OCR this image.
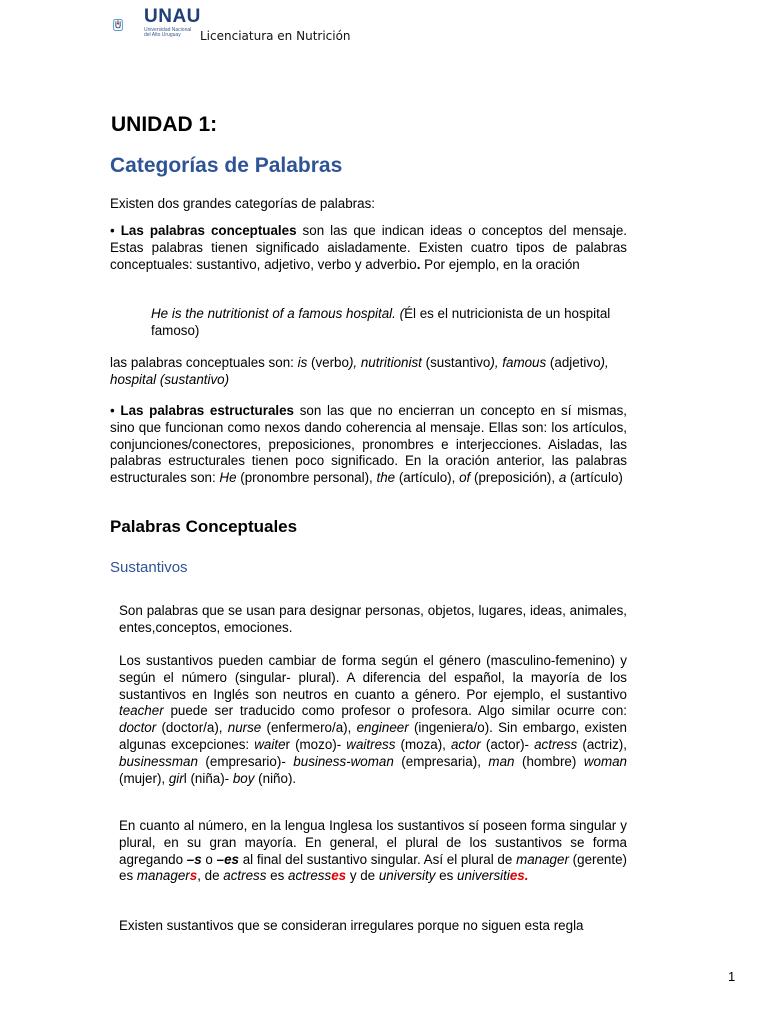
UNAU
Universidad Nacional del Alto Uruguay	Licenciatura en Nutrición
UNIDAD 1:
Categorías de Palabras
Existen dos grandes categorías de palabras:
• Las palabras conceptuales son las que indican ideas o conceptos del mensaje. Estas palabras tienen significado aisladamente. Existen cuatro tipos de palabras conceptuales: sustantivo, adjetivo, verbo y adverbio. Por ejemplo, en la oración
He is the nutritionist of a famous hospital. (Él es el nutricionista de un hospital famoso)
las palabras conceptuales son: is (verbo), nutritionist (sustantivo), famous (adjetivo), hospital (sustantivo)
• Las palabras estructurales son las que no encierran un concepto en sí mismas, sino que funcionan como nexos dando coherencia al mensaje. Ellas son: los artículos, conjunciones/conectores, preposiciones, pronombres e interjecciones. Aisladas, las palabras estructurales tienen poco significado. En la oración anterior, las palabras estructurales son: He (pronombre personal), the (artículo), of (preposición), a (artículo)
Palabras Conceptuales
Sustantivos
Son palabras que se usan para designar personas, objetos, lugares, ideas, animales, entes,conceptos, emociones.
Los sustantivos pueden cambiar de forma según el género (masculino-femenino) y según el número (singular- plural). A diferencia del español, la mayoría de los sustantivos en Inglés son neutros en cuanto a género. Por ejemplo, el sustantivo teacher puede ser traducido como profesor o profesora. Algo similar ocurre con: doctor (doctor/a), nurse (enfermero/a), engineer (ingeniera/o). Sin embargo, existen algunas excepciones: waiter (mozo)- waitress (moza), actor (actor)- actress (actriz), businessman (empresario)- business-woman (empresaria), man (hombre) woman (mujer), girl (niña)- boy (niño).
En cuanto al número, en la lengua Inglesa los sustantivos sí poseen forma singular y plural, en su gran mayoría. En general, el plural de los sustantivos se forma agregando –s o –es al final del sustantivo singular. Así el plural de manager (gerente) es managers, de actress es actresses y de university es universities.
Existen sustantivos que se consideran irregulares porque no siguen esta regla
1
